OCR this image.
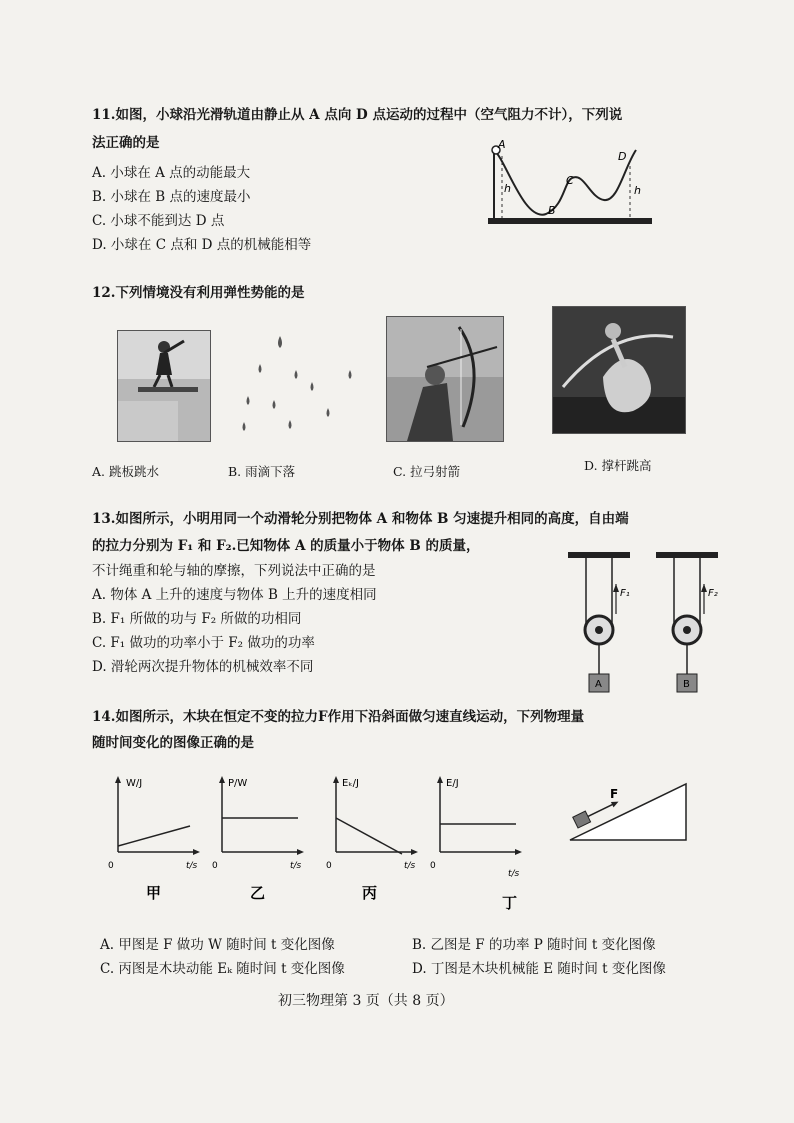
11.如图，小球沿光滑轨道由静止从 A 点向 D 点运动的过程中（空气阻力不计），下列说
法正确的是
A. 小球在 A 点的动能最大
B. 小球在 B 点的速度最小
C. 小球不能到达 D 点
D. 小球在 C 点和 D 点的机械能相等
A
B
C
D
h	h
12.下列情境没有利用弹性势能的是
A. 跳板跳水	B. 雨滴下落	C. 拉弓射箭	D. 撑杆跳高
13.如图所示，小明用同一个动滑轮分别把物体 A 和物体 B 匀速提升相同的高度，自由端
的拉力分别为 F₁ 和 F₂.已知物体 A 的质量小于物体 B 的质量，
不计绳重和轮与轴的摩擦，下列说法中正确的是
A. 物体 A 上升的速度与物体 B 上升的速度相同
B. F₁ 所做的功与 F₂ 所做的功相同
C. F₁ 做功的功率小于 F₂ 做功的功率
D. 滑轮两次提升物体的机械效率不同
F₁
A
F₂
B
14.如图所示，木块在恒定不变的拉力F作用下沿斜面做匀速直线运动，下列物理量
随时间变化的图像正确的是
W/J
0	t/s
甲
P/W
0	t/s
乙
Eₖ/J
0	t/s
丙
E/J
0
t/s
丁
F
A. 甲图是 F 做功 W 随时间 t 变化图像	B. 乙图是 F 的功率 P 随时间 t 变化图像
C. 丙图是木块动能 Eₖ 随时间 t 变化图像	D. 丁图是木块机械能 E 随时间 t 变化图像
初三物理第 3 页（共 8 页）
